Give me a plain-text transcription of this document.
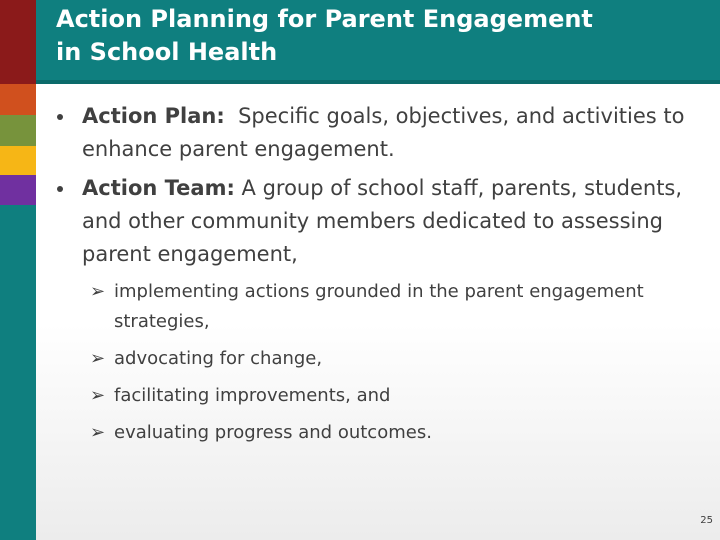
Action Planning for Parent Engagement
in School Health
Action Plan:  Specific goals, objectives, and activities to enhance parent engagement.
Action Team: A group of school staff, parents, students, and other community members dedicated to assessing parent engagement,
➢ implementing actions grounded in the parent engagement strategies,
➢ advocating for change,
➢ facilitating improvements, and
➢ evaluating progress and outcomes.
25
